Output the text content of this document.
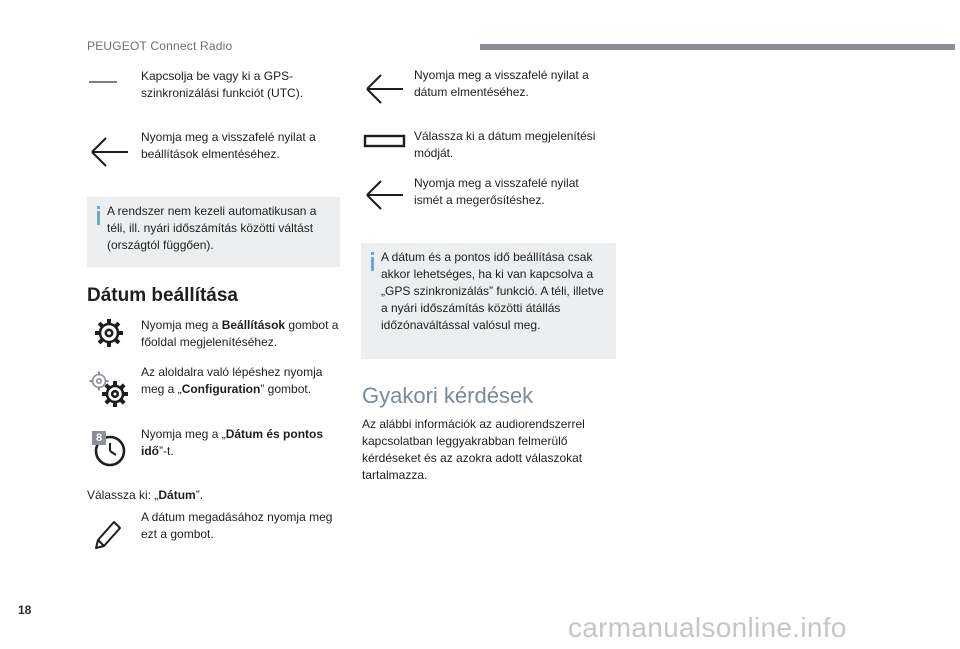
PEUGEOT Connect Radio
Kapcsolja be vagy ki a GPS-szinkronizálási funkciót (UTC).
Nyomja meg a visszafelé nyilat a beállítások elmentéséhez.
A rendszer nem kezeli automatikusan a téli, ill. nyári időszámítás közötti váltást (országtól függően).
Dátum beállítása
Nyomja meg a Beállítások gombot a főoldal megjelenítéséhez.
Az aloldalra való lépéshez nyomja meg a „Configuration” gombot.
8	Nyomja meg a „Dátum és pontos idő”-t.
Válassza ki: „Dátum”.
A dátum megadásához nyomja meg ezt a gombot.
Nyomja meg a visszafelé nyilat a dátum elmentéséhez.
Válassza ki a dátum megjelenítési módját.
Nyomja meg a visszafelé nyilat ismét a megerősítéshez.
A dátum és a pontos idő beállítása csak akkor lehetséges, ha ki van kapcsolva a „GPS szinkronizálás” funkció. A téli, illetve a nyári időszámítás közötti átállás időzónaváltással valósul meg.
Gyakori kérdések
Az alábbi információk az audiorendszerrel kapcsolatban leggyakrabban felmerülő kérdéseket és az azokra adott válaszokat tartalmazza.
18
carmanualsonline.info
